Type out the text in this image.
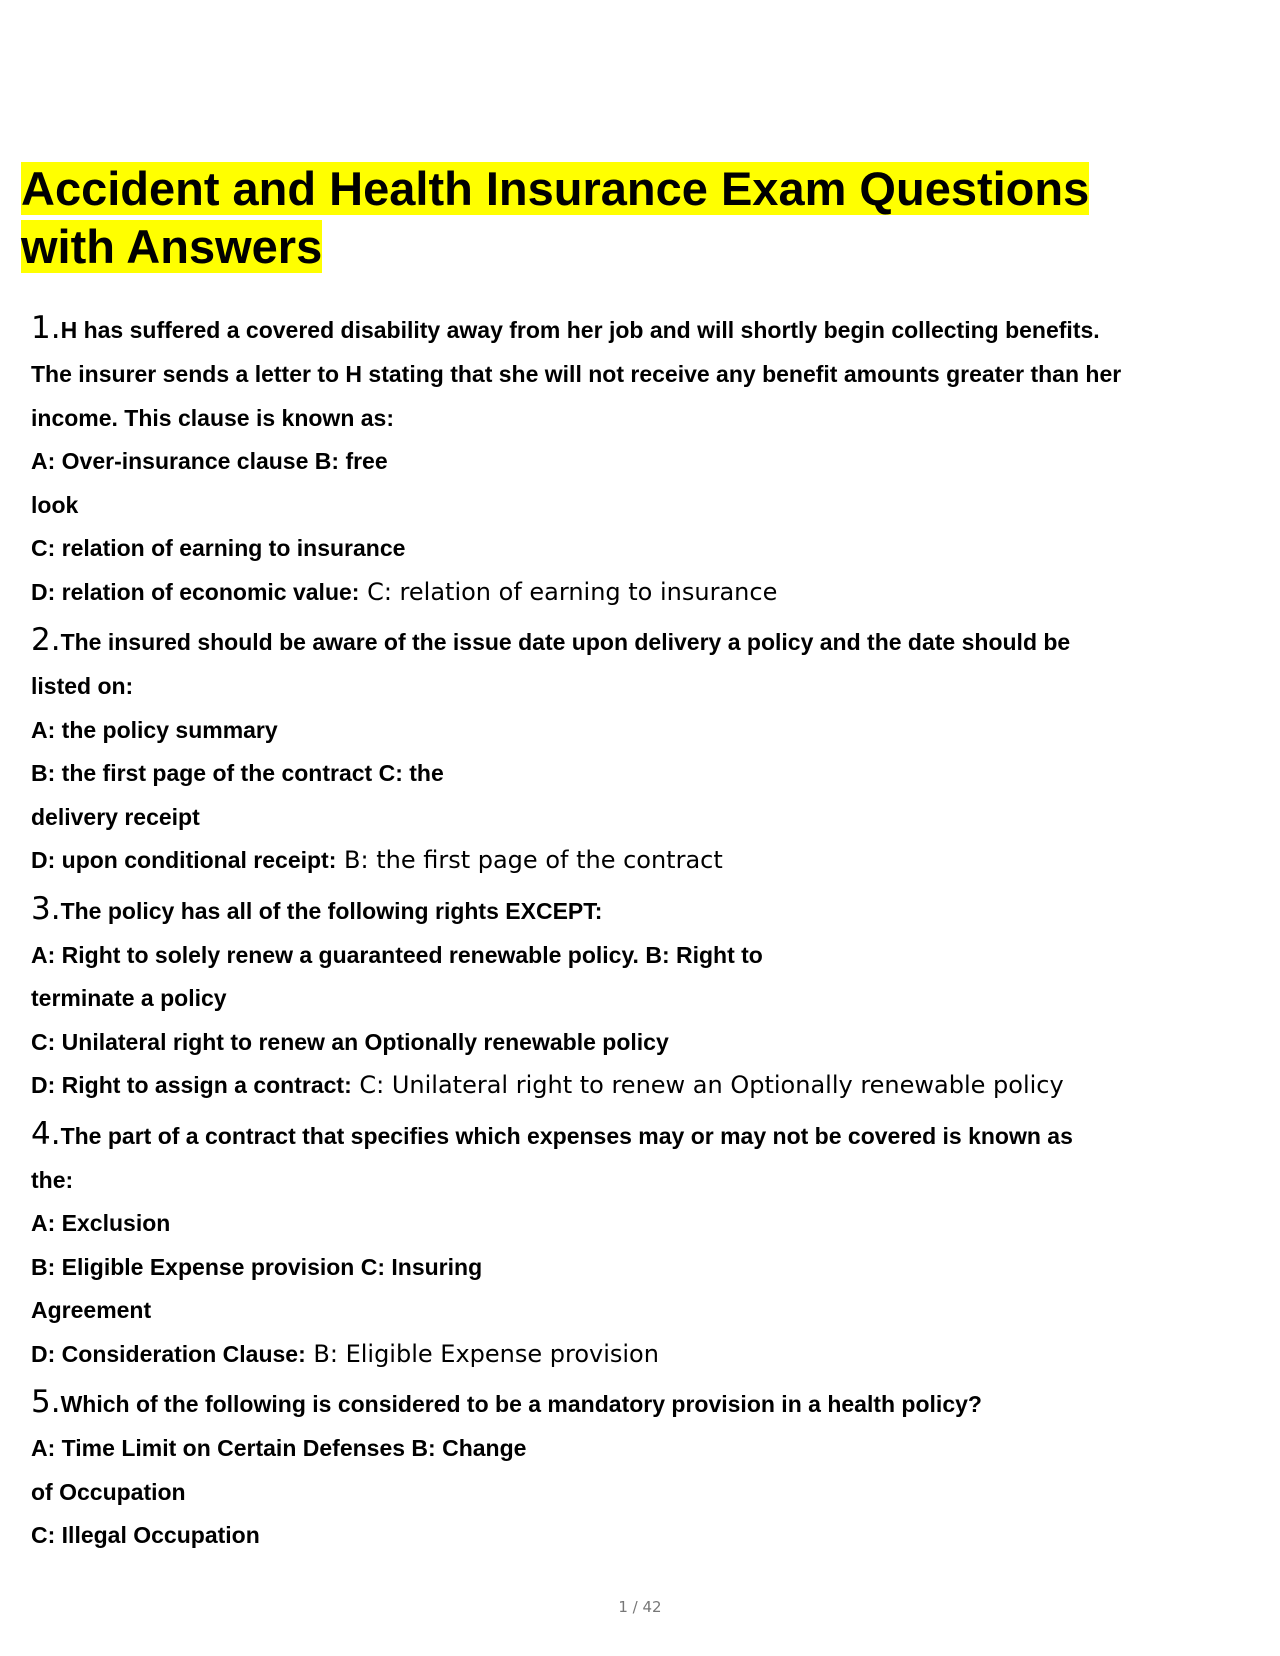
Accident and Health Insurance Exam Questions
with Answers
1.H has suffered a covered disability away from her job and will shortly begin collecting benefits.
The insurer sends a letter to H stating that she will not receive any benefit amounts greater than her
income. This clause is known as:
A: Over-insurance clause B: free
look
C: relation of earning to insurance
D: relation of economic value: C: relation of earning to insurance
2.The insured should be aware of the issue date upon delivery a policy and the date should be
listed on:
A: the policy summary
B: the first page of the contract C: the
delivery receipt
D: upon conditional receipt: B: the first page of the contract
3.The policy has all of the following rights EXCEPT:
A: Right to solely renew a guaranteed renewable policy. B: Right to
terminate a policy
C: Unilateral right to renew an Optionally renewable policy
D: Right to assign a contract: C: Unilateral right to renew an Optionally renewable policy
4.The part of a contract that specifies which expenses may or may not be covered is known as
the:
A: Exclusion
B: Eligible Expense provision C: Insuring
Agreement
D: Consideration Clause: B: Eligible Expense provision
5.Which of the following is considered to be a mandatory provision in a health policy?
A: Time Limit on Certain Defenses B: Change
of Occupation
C: Illegal Occupation
1 / 42
